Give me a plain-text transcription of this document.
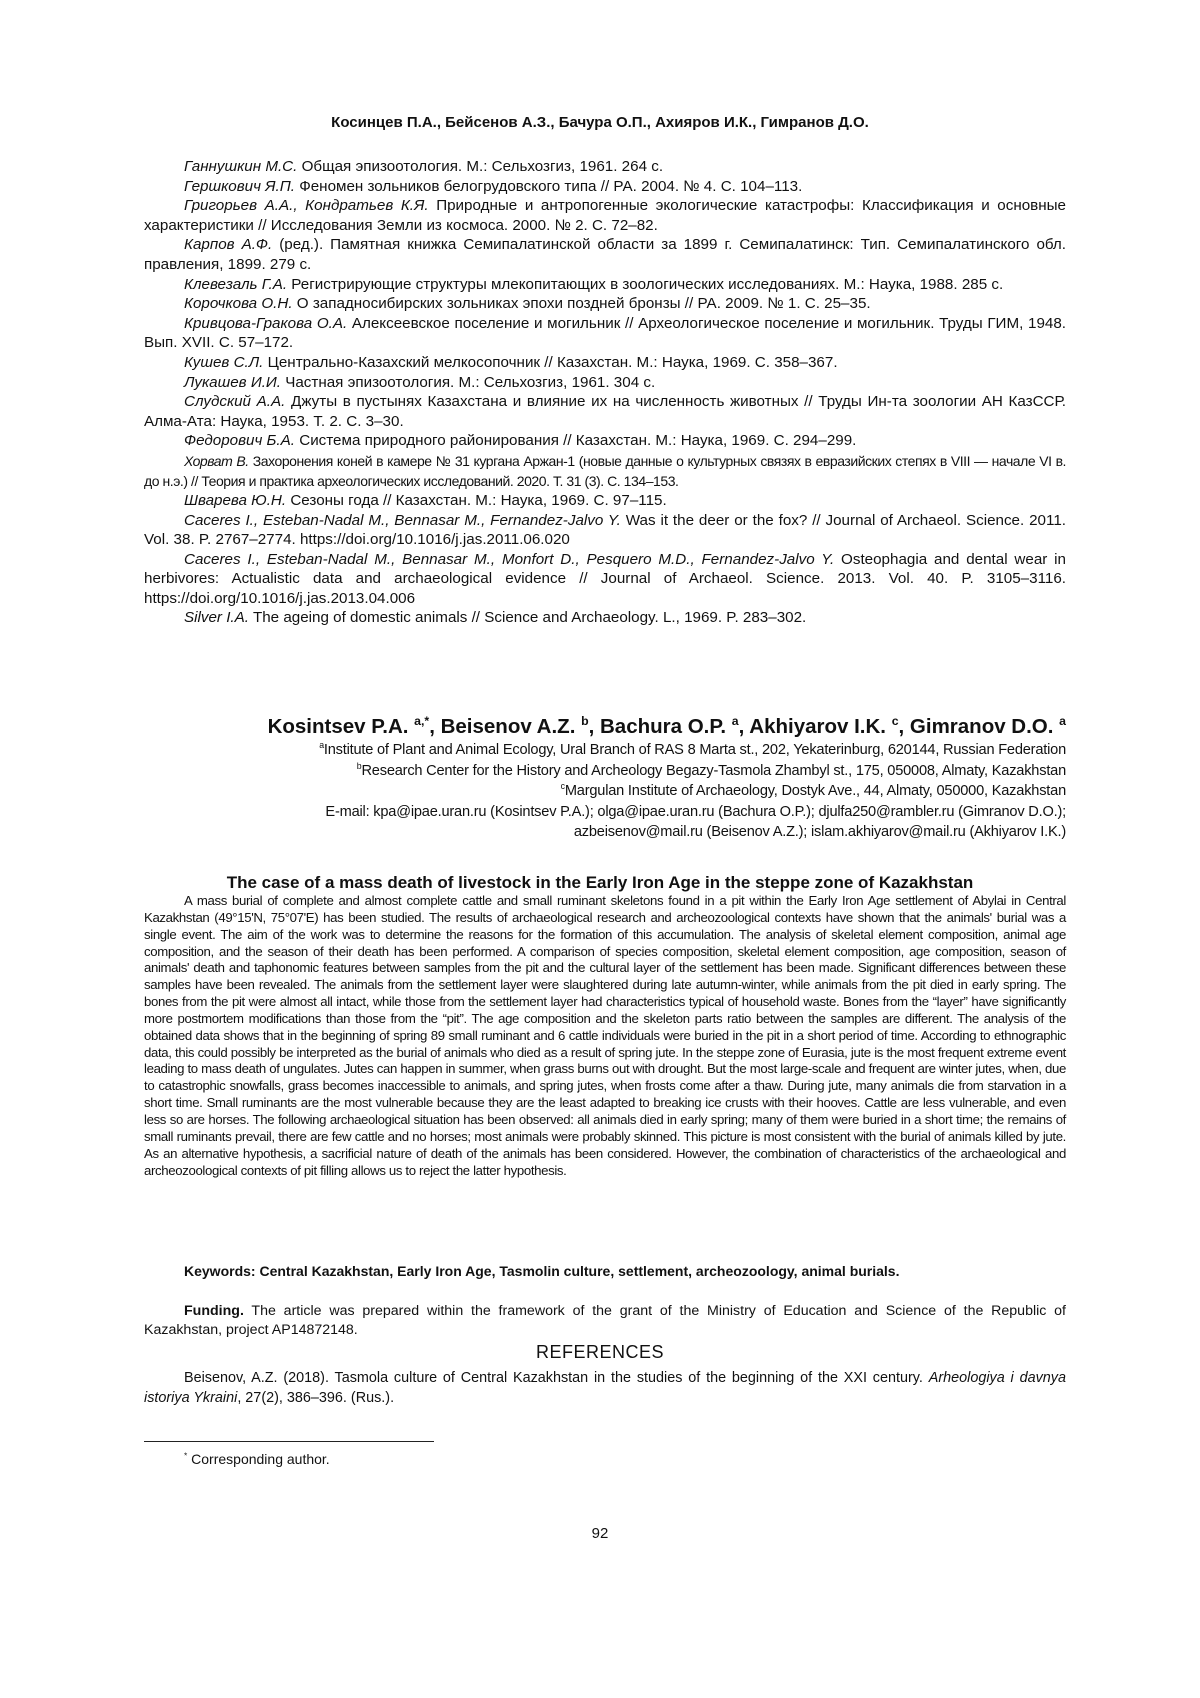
Косинцев П.А., Бейсенов А.З., Бачура О.П., Ахияров И.К., Гимранов Д.О.

Ганнушкин М.С. Общая эпизоотология. М.: Сельхозгиз, 1961. 264 с.

Гершкович Я.П. Феномен зольников белогрудовского типа // РА. 2004. № 4. С. 104–113.

Григорьев А.А., Кондратьев К.Я. Природные и антропогенные экологические катастрофы: Классификация и основные характеристики // Исследования Земли из космоса. 2000. № 2. С. 72–82.

Карпов А.Ф. (ред.). Памятная книжка Семипалатинской области за 1899 г. Семипалатинск: Тип. Семипалатинского обл. правления, 1899. 279 с.

Клевезаль Г.А. Регистрирующие структуры млекопитающих в зоологических исследованиях. М.: Наука, 1988. 285 с.

Корочкова О.Н. О западносибирских зольниках эпохи поздней бронзы // РА. 2009. № 1. С. 25–35.

Кривцова-Гракова О.А. Алексеевское поселение и могильник // Археологическое поселение и могильник. Труды ГИМ, 1948. Вып. XVII. С. 57–172.

Кушев С.Л. Центрально-Казахский мелкосопочник // Казахстан. М.: Наука, 1969. С. 358–367.

Лукашев И.И. Частная эпизоотология. М.: Сельхозгиз, 1961. 304 с.

Слудский А.А. Джуты в пустынях Казахстана и влияние их на численность животных // Труды Ин-та зоологии АН КазССР. Алма-Ата: Наука, 1953. Т. 2. С. 3–30.

Федорович Б.А. Система природного районирования // Казахстан. М.: Наука, 1969. С. 294–299.

Хорват В. Захоронения коней в камере № 31 кургана Аржан-1 (новые данные о культурных связях в евразийских степях в VIII — начале VI в. до н.э.) // Теория и практика археологических исследований. 2020. Т. 31 (3). С. 134–153.

Шварева Ю.Н. Сезоны года // Казахстан. М.: Наука, 1969. С. 97–115.

Caceres I., Esteban-Nadal M., Bennasar M., Fernandez-Jalvo Y. Was it the deer or the fox? // Journal of Archaeol. Science. 2011. Vol. 38. P. 2767–2774. https://doi.org/10.1016/j.jas.2011.06.020

Caceres I., Esteban-Nadal M., Bennasar M., Monfort D., Pesquero M.D., Fernandez-Jalvo Y. Osteophagia and dental wear in herbivores: Actualistic data and archaeological evidence // Journal of Archaeol. Science. 2013. Vol. 40. P. 3105–3116. https://doi.org/10.1016/j.jas.2013.04.006

Silver I.A. The ageing of domestic animals // Science and Archaeology. L., 1969. P. 283–302.

Kosintsev P.A. $^{a,*}$, Beisenov A.Z. $^b$, Bachura O.P. $^a$, Akhiyarov I.K. $^c$, Gimranov D.O. $^a$
$^a$Institute of Plant and Animal Ecology, Ural Branch of RAS 8 Marta st., 202, Yekaterinburg, 620144, Russian Federation
$^b$Research Center for the History and Archeology Begazy-Tasmola Zhambyl st., 175, 050008, Almaty, Kazakhstan
$^c$Margulan Institute of Archaeology, Dostyk Ave., 44, Almaty, 050000, Kazakhstan
E-mail: kpa@ipae.uran.ru (Kosintsev P.A.); olga@ipae.uran.ru (Bachura O.P.); djulfa250@rambler.ru (Gimranov D.O.);
azbeisenov@mail.ru (Beisenov A.Z.); islam.akhiyarov@mail.ru (Akhiyarov I.K.)
The case of a mass death of livestock in the Early Iron Age in the steppe zone of Kazakhstan

A mass burial of complete and almost complete cattle and small ruminant skeletons found in a pit within the Early Iron Age settlement of Abylai in Central Kazakhstan (49°15'N, 75°07'E) has been studied. The results of archaeological research and archeozoological contexts have shown that the animals' burial was a single event. The aim of the work was to determine the reasons for the formation of this accumulation. The analysis of skeletal element composition, animal age composition, and the season of their death has been performed. A comparison of species composition, skeletal element composition, age composition, season of animals' death and taphonomic features between samples from the pit and the cultural layer of the settlement has been made. Significant differences between these samples have been revealed. The animals from the settlement layer were slaughtered during late autumn-winter, while animals from the pit died in early spring. The bones from the pit were almost all intact, while those from the settlement layer had characteristics typical of household waste. Bones from the “layer” have significantly more postmortem modifications than those from the “pit”. The age composition and the skeleton parts ratio between the samples are different. The analysis of the obtained data shows that in the beginning of spring 89 small ruminant and 6 cattle individuals were buried in the pit in a short period of time. According to ethnographic data, this could possibly be interpreted as the burial of animals who died as a result of spring jute. In the steppe zone of Eurasia, jute is the most frequent extreme event leading to mass death of ungulates. Jutes can happen in summer, when grass burns out with drought. But the most large-scale and frequent are winter jutes, when, due to catastrophic snowfalls, grass becomes inaccessible to animals, and spring jutes, when frosts come after a thaw. During jute, many animals die from starvation in a short time. Small ruminants are the most vulnerable because they are the least adapted to breaking ice crusts with their hooves. Cattle are less vulnerable, and even less so are horses. The following archaeological situation has been observed: all animals died in early spring; many of them were buried in a short time; the remains of small ruminants prevail, there are few cattle and no horses; most animals were probably skinned. This picture is most consistent with the burial of animals killed by jute. As an alternative hypothesis, a sacrificial nature of death of the animals has been considered. However, the combination of characteristics of the archaeological and archeozoological contexts of pit filling allows us to reject the latter hypothesis.

Keywords: Central Kazakhstan, Early Iron Age, Tasmolin culture, settlement, archeozoology, animal burials.
Funding. The article was prepared within the framework of the grant of the Ministry of Education and Science of the Republic of Kazakhstan, project AP14872148.
REFERENCES
Beisenov, A.Z. (2018). Tasmola culture of Central Kazakhstan in the studies of the beginning of the XXI century. Arheologiya i davnya istoriya Ykraini, 27(2), 386–396. (Rus.).
* Corresponding author.
92
